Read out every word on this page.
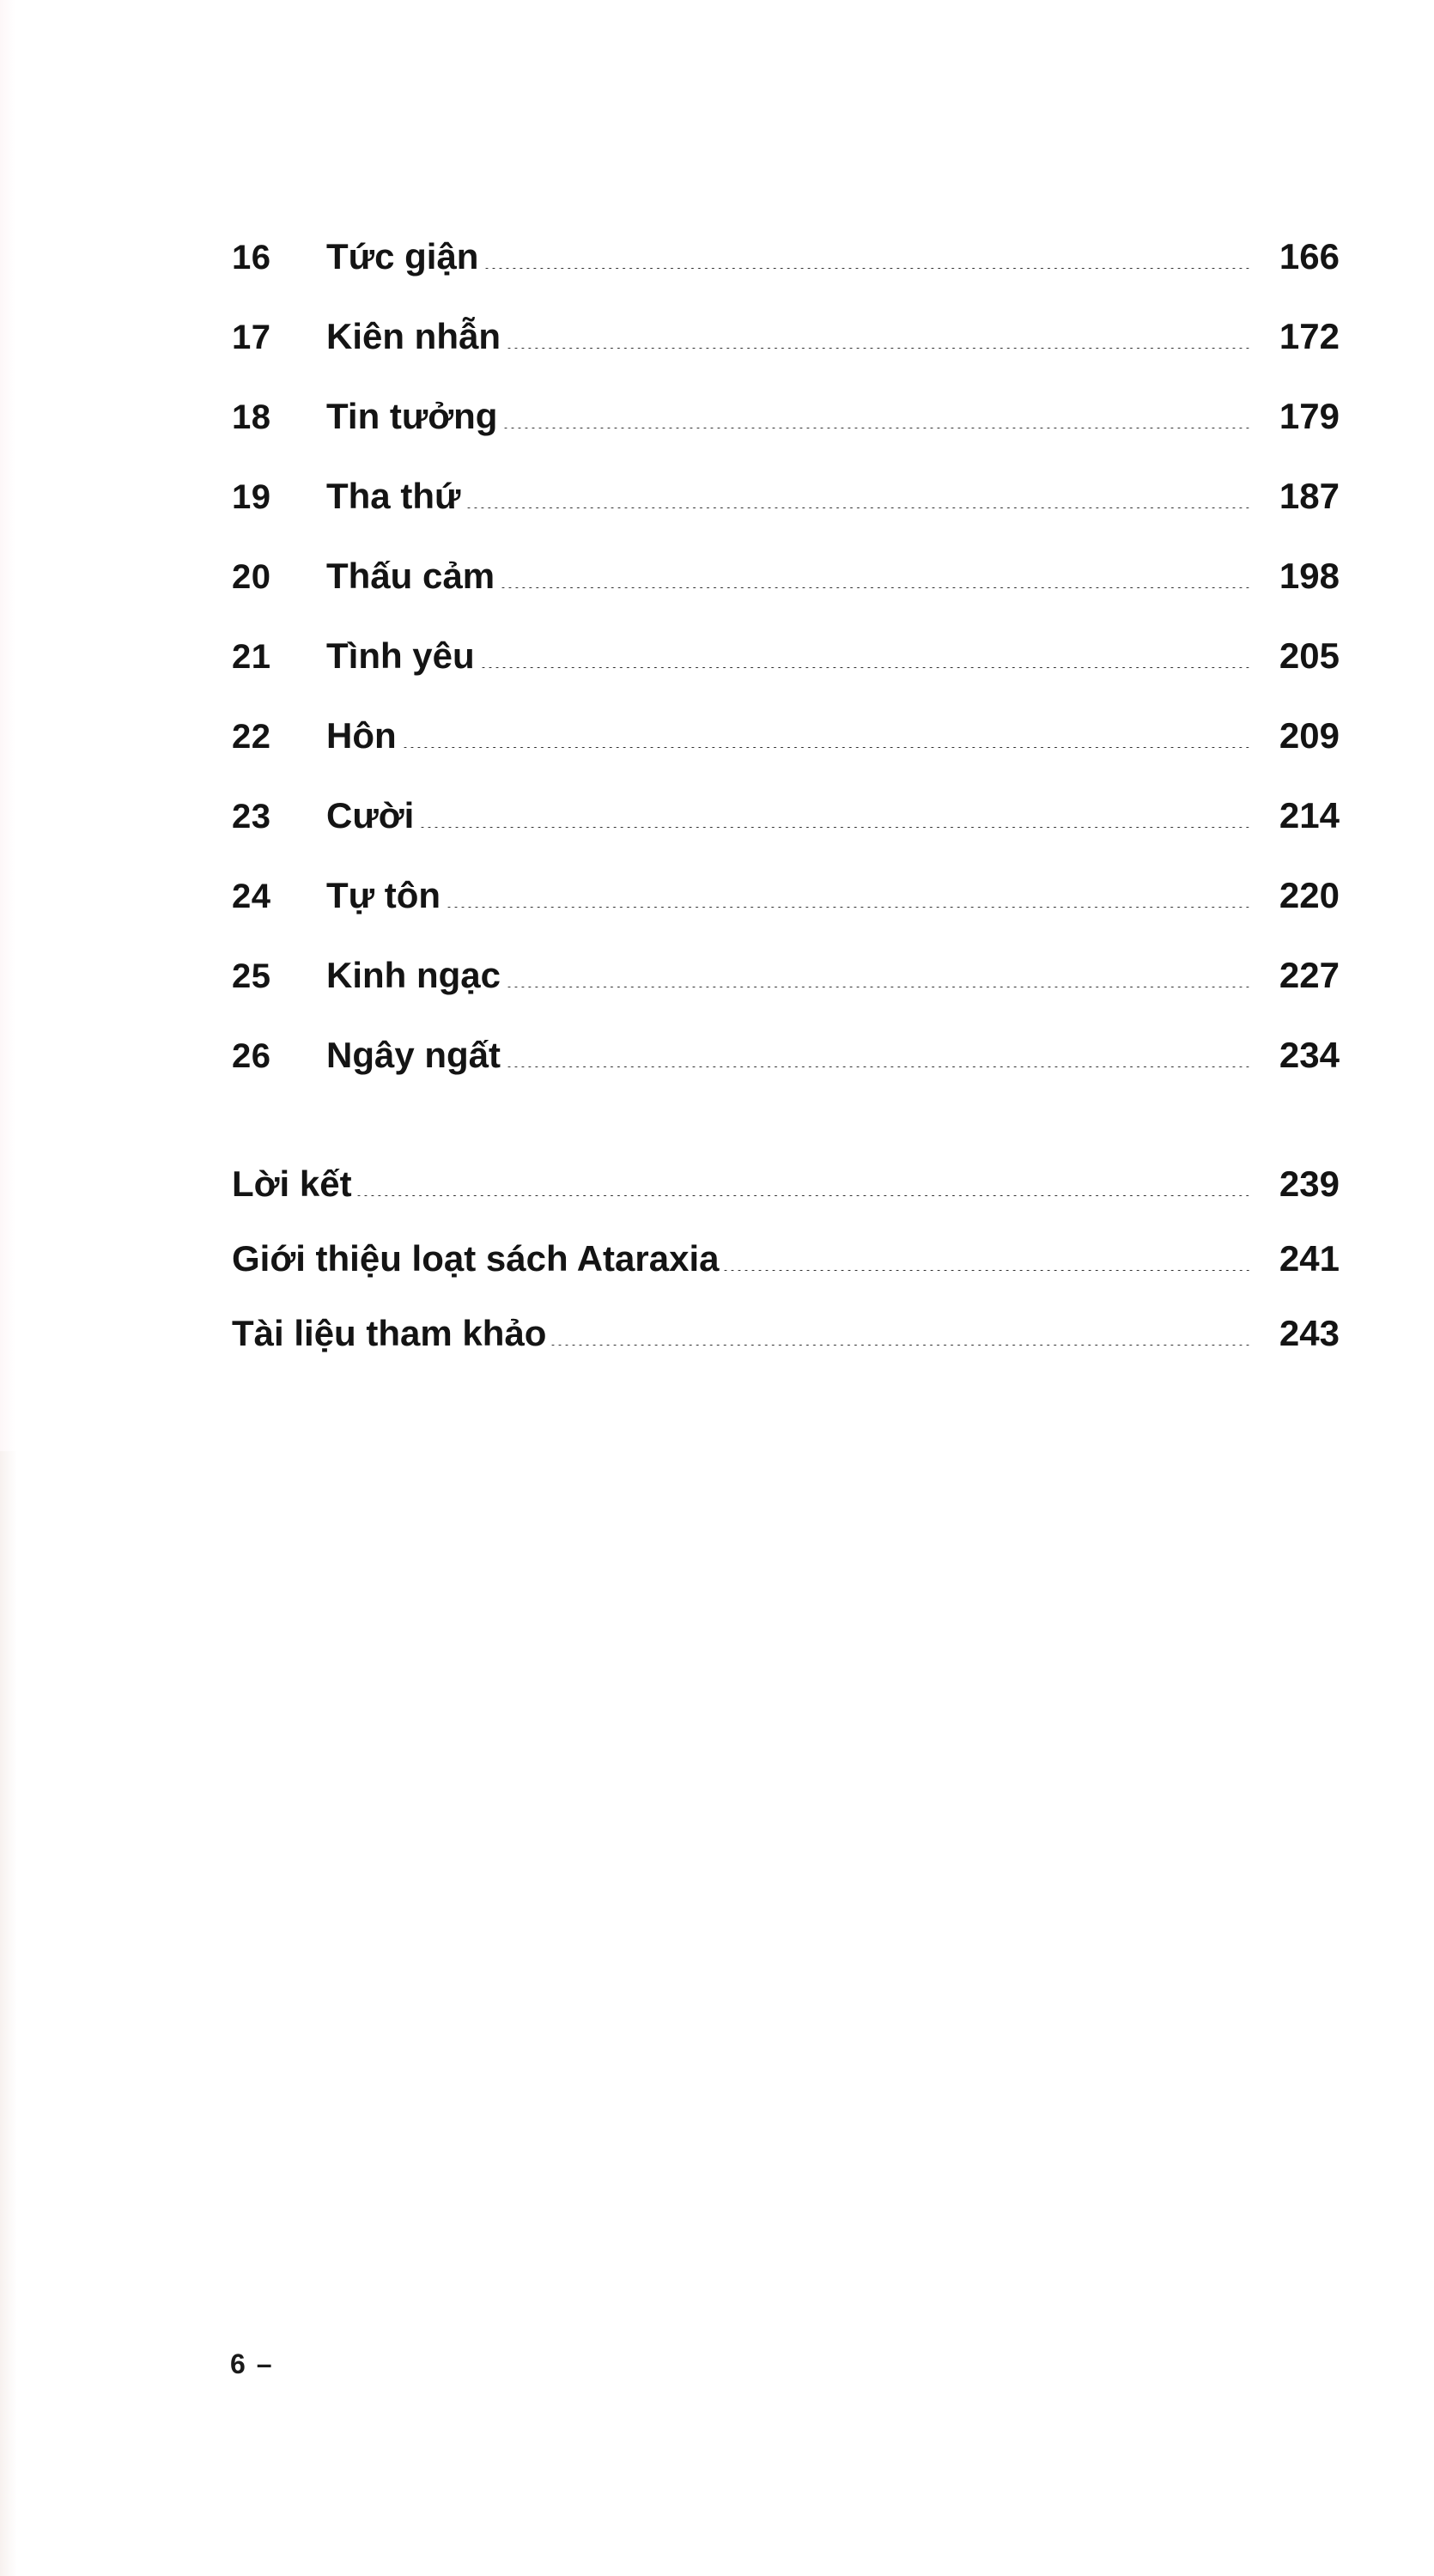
16	Tức giận	166
17	Kiên nhẫn	172
18	Tin tưởng	179
19	Tha thứ	187
20	Thấu cảm	198
21	Tình yêu	205
22	Hôn	209
23	Cười	214
24	Tự tôn	220
25	Kinh ngạc	227
26	Ngây ngất	234
Lời kết	239
Giới thiệu loạt sách Ataraxia	241
Tài liệu tham khảo	243
6 –
